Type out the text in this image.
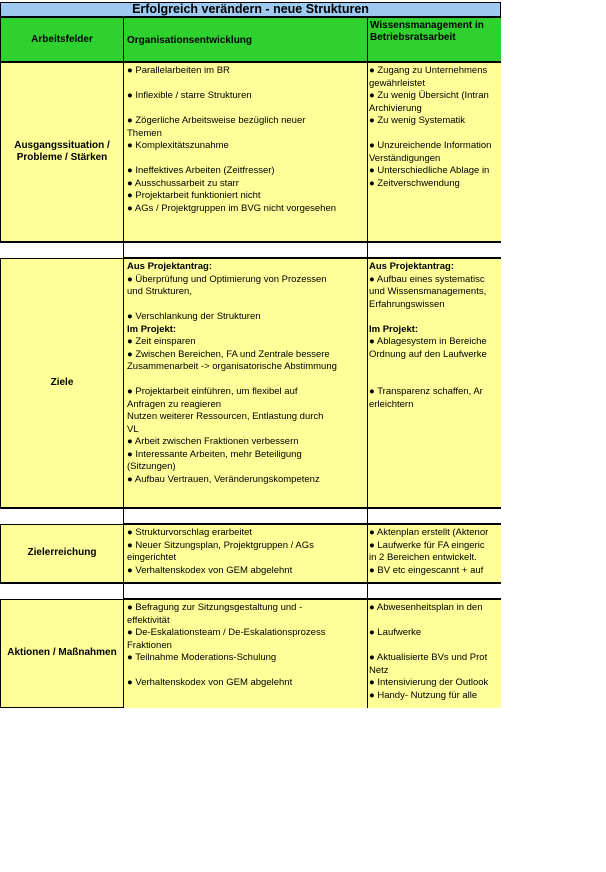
Erfolgreich verändern - neue Strukturen
Arbeitsfelder	Organisationsentwicklung
Wissensmanagement in
Betriebsratsarbeit
Ausgangssituation / Probleme / Stärken
● Parallelarbeiten im BR

● Inflexible / starre Strukturen

● Zögerliche Arbeitsweise bezüglich neuer
Themen
● Komplexitätszunahme

● Ineffektives Arbeiten (Zeitfresser)
● Ausschussarbeit zu starr
● Projektarbeit funktioniert nicht
● AGs / Projektgruppen im BVG nicht vorgesehen
● Zugang zu Unternehmens
gewährleistet
● Zu wenig Übersicht (Intran
Archivierung
● Zu wenig Systematik

● Unzureichende Information
Verständigungen
● Unterschiedliche Ablage in
● Zeitverschwendung
Ziele
Aus Projektantrag:
● Überprüfung und Optimierung von Prozessen
und Strukturen,

● Verschlankung der Strukturen
Im Projekt:
● Zeit einsparen
● Zwischen Bereichen, FA und Zentrale bessere
Zusammenarbeit -> organisatorische Abstimmung

● Projektarbeit einführen, um flexibel auf
Anfragen zu reagieren
Nutzen weiterer Ressourcen, Entlastung durch
VL
● Arbeit zwischen Fraktionen verbessern
● Interessante Arbeiten, mehr Beteiligung
(Sitzungen)
● Aufbau Vertrauen, Veränderungskompetenz
Aus Projektantrag:
● Aufbau eines systematisc
und Wissensmanagements,
Erfahrungswissen

Im Projekt:
● Ablagesystem in Bereiche
Ordnung auf den Laufwerke

● Transparenz schaffen, Ar
erleichtern
Zielerreichung
● Strukturvorschlag erarbeitet
● Neuer Sitzungsplan, Projektgruppen / AGs
eingerichtet
● Verhaltenskodex von GEM abgelehnt
● Aktenplan erstellt (Aktenor
● Laufwerke für FA eingeric
in 2 Bereichen entwickelt.
● BV etc eingescannt + auf
Aktionen / Maßnahmen
● Befragung zur Sitzungsgestaltung und -
effektivität
● De-Eskalationsteam / De-Eskalationsprozess
Fraktionen
● Teilnahme Moderations-Schulung

● Verhaltenskodex von GEM abgelehnt
● Abwesenheitsplan in den

● Laufwerke

● Aktualisierte BVs und Prot
Netz
● Intensivierung der Outlook
● Handy- Nutzung für alle
